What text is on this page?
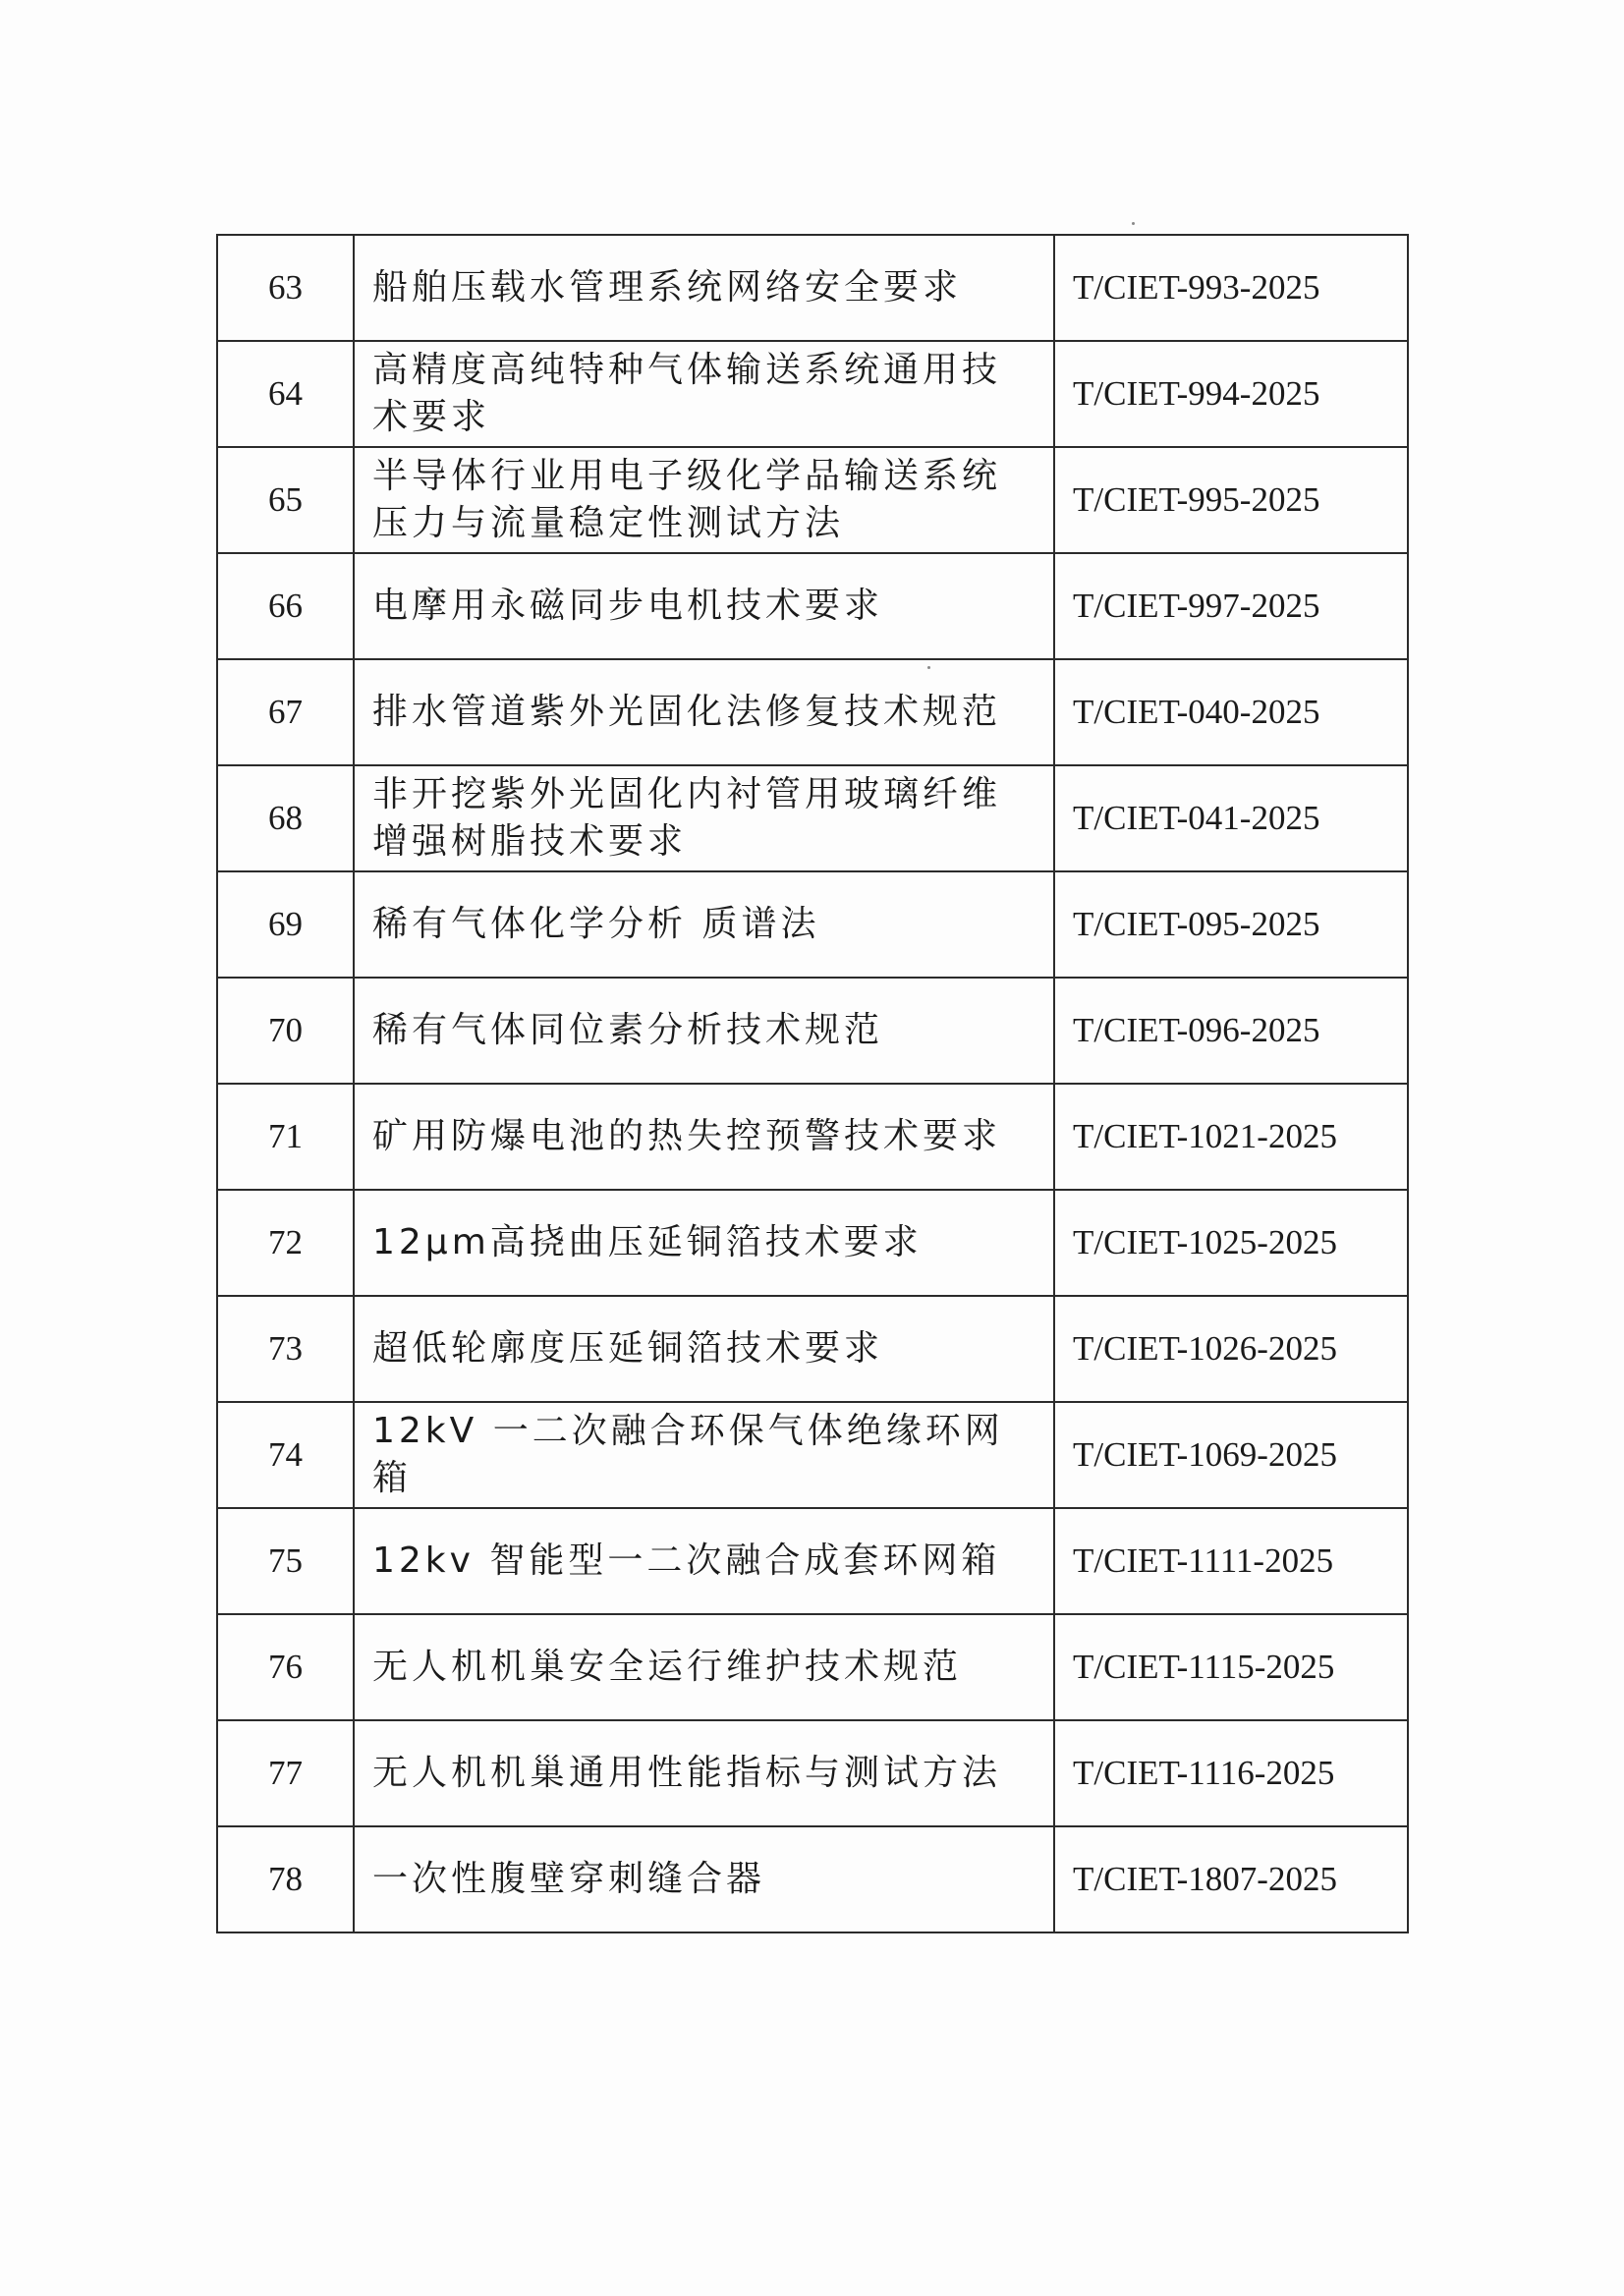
63	船舶压载水管理系统网络安全要求	T/CIET-993-2025
64	高精度高纯特种气体输送系统通用技术要求	T/CIET-994-2025
65	半导体行业用电子级化学品输送系统压力与流量稳定性测试方法	T/CIET-995-2025
66	电摩用永磁同步电机技术要求	T/CIET-997-2025
67	排水管道紫外光固化法修复技术规范	T/CIET-040-2025
68	非开挖紫外光固化内衬管用玻璃纤维增强树脂技术要求	T/CIET-041-2025
69	稀有气体化学分析 质谱法	T/CIET-095-2025
70	稀有气体同位素分析技术规范	T/CIET-096-2025
71	矿用防爆电池的热失控预警技术要求	T/CIET-1021-2025
72	12μm高挠曲压延铜箔技术要求	T/CIET-1025-2025
73	超低轮廓度压延铜箔技术要求	T/CIET-1026-2025
74	12kV 一二次融合环保气体绝缘环网箱	T/CIET-1069-2025
75	12kv 智能型一二次融合成套环网箱	T/CIET-1111-2025
76	无人机机巢安全运行维护技术规范	T/CIET-1115-2025
77	无人机机巢通用性能指标与测试方法	T/CIET-1116-2025
78	一次性腹壁穿刺缝合器	T/CIET-1807-2025
